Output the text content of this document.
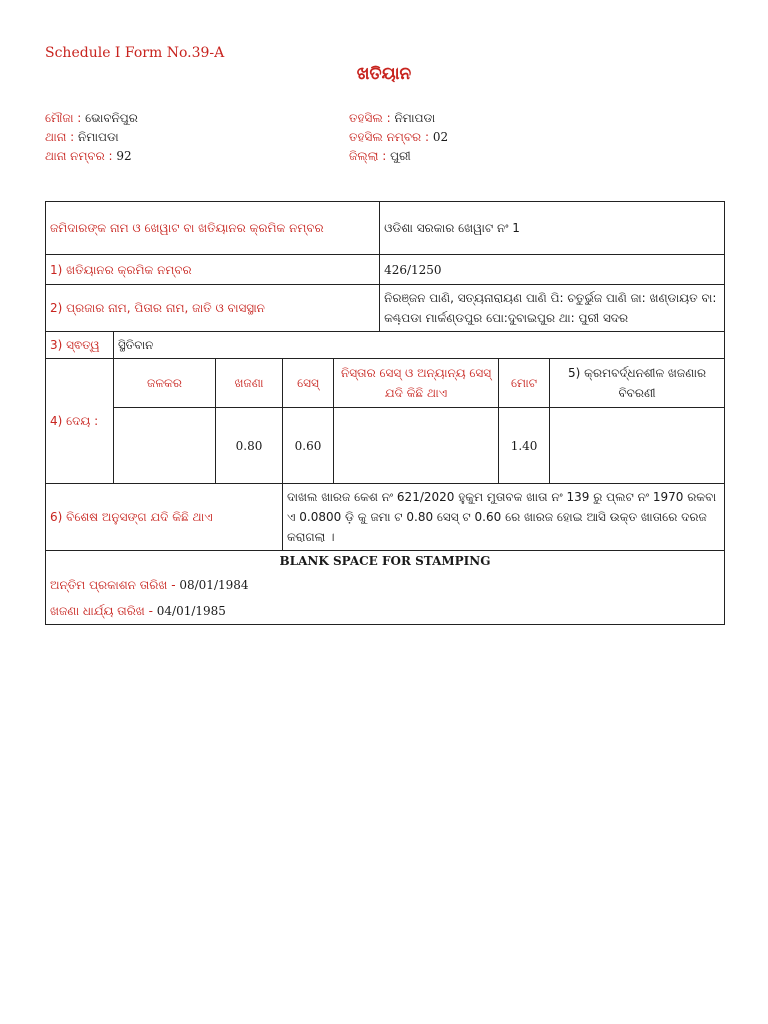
Schedule I Form No.39-A
ଖତିୟାନ
ମୌଜା : ଭୋବନିପୁର
ଥାନା : ନିମାପଡା
ଥାନା ନମ୍ବର : 92
ତହସିଲ : ନିମାପଡା
ତହସିଲ ନମ୍ବର : 02
ଜିଲ୍ଲା : ପୁରୀ
ଜମିଦାରଙ୍କ ନାମ ଓ ଖେୱାଟ ବା ଖତିୟାନର କ୍ରମିକ ନମ୍ବର					ଓଡିଶା ସରକାର ଖେୱାଟ ନଂ 1		
1) ଖତିୟାନର କ୍ରମିକ ନମ୍ବର					426/1250		
2) ପ୍ରଜାର ନାମ, ପିତାର ନାମ, ଜାତି ଓ ବାସସ୍ଥାନ					ନିରଞ୍ଜନ ପାଣି, ସତ୍ୟନାରାୟଣ ପାଣି ପି: ଚତୁର୍ଭୁଜ ପାଣି ଜା: ଖଣ୍ଡାୟତ ବା: କଣ୍ଢ଼ପଡା ମାର୍କଣ୍ଡପୁର ପୋ:ଦୁବାଇପୁର ଥା: ପୁରୀ ସଦର		
3) ସ୍ଵତ୍ୱ	ସ୍ଥିତିବାନ						
4) ଦେୟ :	ଜଳକର	ଖଜଣା	ସେସ୍	ନିସ୍ତାର ସେସ୍ ଓ ଅନ୍ୟାନ୍ୟ ସେସ୍ ଯଦି କିଛି ଥାଏ		ମୋଟ	5) କ୍ରମବର୍ଦ୍ଧନଶୀଳ ଖଜଣାର ବିବରଣୀ
		0.80	0.60			1.40	
6) ବିଶେଷ ଅନୁସଙ୍ଗ ଯଦି କିଛି ଥାଏ			ଦାଖଲ ଖାରଜ କେଶ ନଂ 621/2020 ହୁକୁମ ମୁତାବକ ଖାତା ନଂ 139 ରୁ ପ୍ଲଟ ନଂ 1970 ରକବା ଏ 0.0800 ଡ଼ି କୁ ଜମା ଟ 0.80 ସେସ୍ ଟ 0.60 ରେ ଖାରଜ ହୋଇ ଆସି ଉକ୍ତ ଖାତାରେ ଦରଜ କରାଗଲା ।				

BLANK SPACE FOR STAMPING
ଅନ୍ତିମ ପ୍ରକାଶନ ତାରିଖ - 08/01/1984
ଖଜଣା ଧାର୍ଯ୍ୟ ତାରିଖ - 04/01/1985							
